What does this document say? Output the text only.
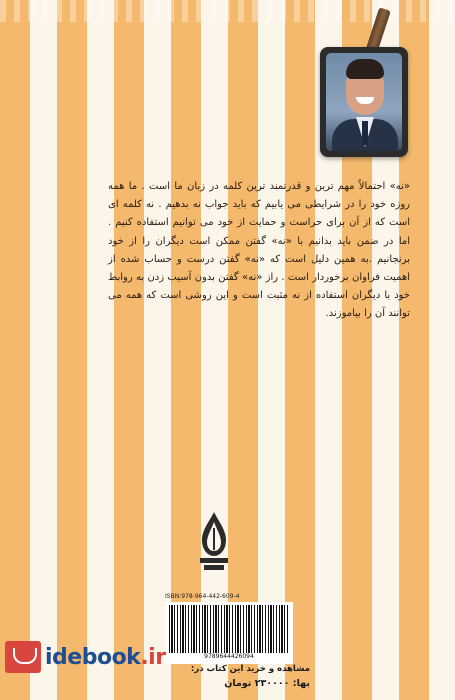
«نه» احتمالاً مهم ترین و قدرتمند ترین کلمه در زبان ما است . ما همه روزه خود را در شرایطی می یابیم که باید جواب نه بدهیم . نه کلمه ای است که از آن برای حراست و حمایت از خود می توانیم استفاده کنیم . اما در ضمن باید بدانیم با «نه» گفتن ممکن است دیگران را از خود برنجانیم .به همین دلیل است که «نه» گفتن درست و حساب شده از اهمیت فراوان برخوردار است . راز «نه» گفتن بدون آسیب زدن به روابط خود با دیگران استفاده از نه مثبت است و این روشی است که همه می توانند آن را بیاموزند.

ISBN:978-964-442-609-4
9789644426094
idebook.ir	مشاهده و خرید این کتاب در:
بها: ۲۳۰۰۰۰ تومان
